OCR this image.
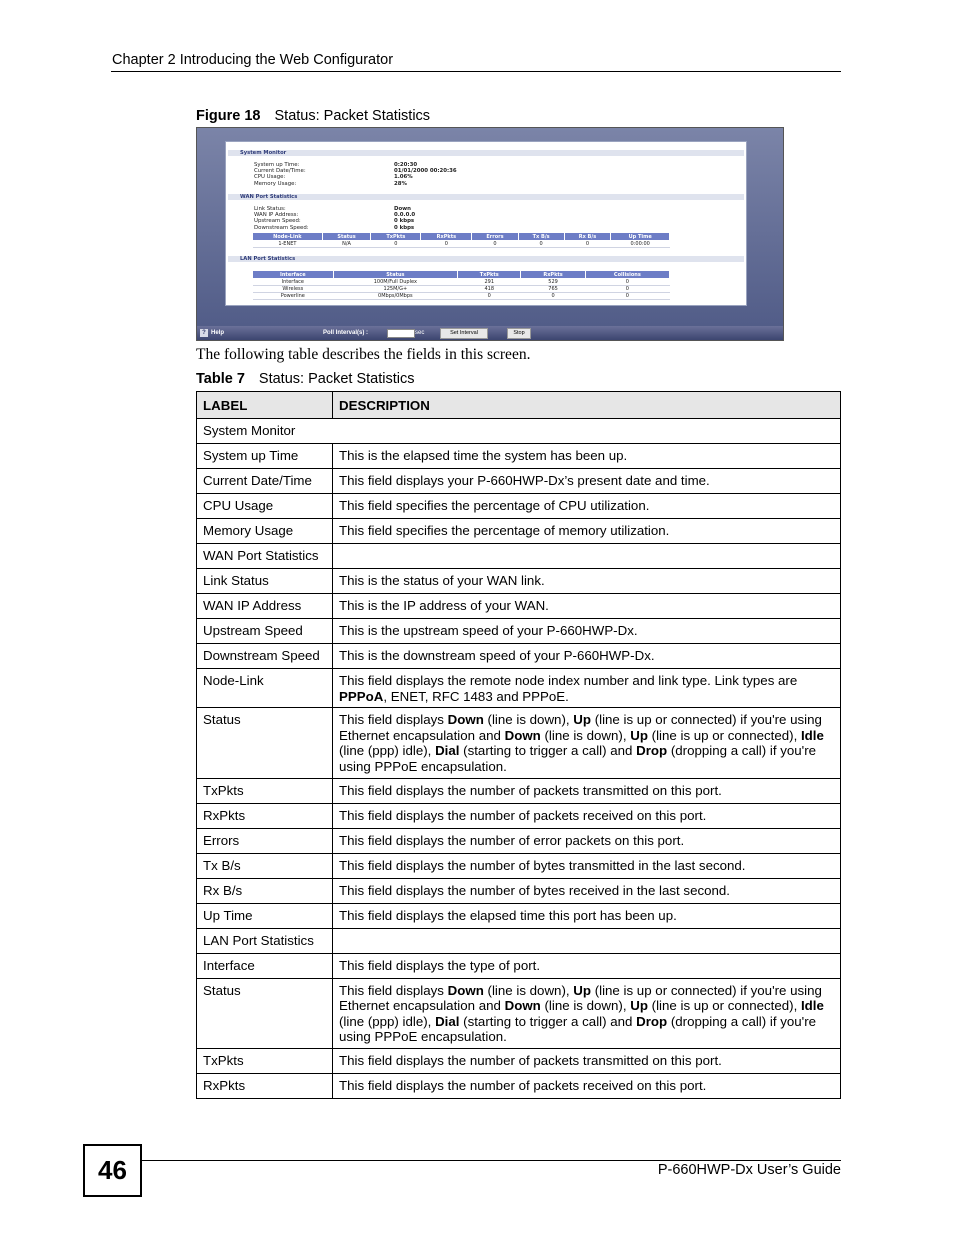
Chapter 2 Introducing the Web Configurator
Figure 18 Status: Packet Statistics
System Monitor
System up Time:	0:20:30
Current Date/Time:	01/01/2000 00:20:36
CPU Usage:	1.06%
Memory Usage:	28%
WAN Port Statistics
Link Status:	Down
WAN IP Address:	0.0.0.0
Upstream Speed:	0 kbps
Downstream Speed:	0 kbps
Node-Link	Status	TxPkts	RxPkts	Errors	Tx B/s	Rx B/s	Up Time
1-ENET	N/A	0	0	0	0	0	0:00:00
LAN Port Statistics
Interface	Status	TxPkts	RxPkts	Collisions
Interface	100M/Full Duplex	291	529	0
Wireless	125M/G+	418	765	0
Powerline	0Mbps/0Mbps	0	0	0
? Help	Poll Interval(s) :	sec	Set Interval	Stop
The following table describes the fields in this screen.
Table 7 Status: Packet Statistics
LABEL	DESCRIPTION
System Monitor	
System up Time	This is the elapsed time the system has been up.
Current Date/Time	This field displays your P-660HWP-Dx’s present date and time.
CPU Usage	This field specifies the percentage of CPU utilization.
Memory Usage	This field specifies the percentage of memory utilization.
WAN Port Statistics	
Link Status	This is the status of your WAN link.
WAN IP Address	This is the IP address of your WAN.
Upstream Speed	This is the upstream speed of your P-660HWP-Dx.
Downstream Speed	This is the downstream speed of your P-660HWP-Dx.
Node-Link	This field displays the remote node index number and link type. Link types are PPPoA, ENET, RFC 1483 and PPPoE.
Status	This field displays Down (line is down), Up (line is up or connected) if you're using Ethernet encapsulation and Down (line is down), Up (line is up or connected), Idle (line (ppp) idle), Dial (starting to trigger a call) and Drop (dropping a call) if you're using PPPoE encapsulation.
TxPkts	This field displays the number of packets transmitted on this port.
RxPkts	This field displays the number of packets received on this port.
Errors	This field displays the number of error packets on this port.
Tx B/s	This field displays the number of bytes transmitted in the last second.
Rx B/s	This field displays the number of bytes received in the last second.
Up Time	This field displays the elapsed time this port has been up.
LAN Port Statistics	
Interface	This field displays the type of port.
Status	This field displays Down (line is down), Up (line is up or connected) if you're using Ethernet encapsulation and Down (line is down), Up (line is up or connected), Idle (line (ppp) idle), Dial (starting to trigger a call) and Drop (dropping a call) if you're using PPPoE encapsulation.
TxPkts	This field displays the number of packets transmitted on this port.
RxPkts	This field displays the number of packets received on this port.
46	P-660HWP-Dx User’s Guide
